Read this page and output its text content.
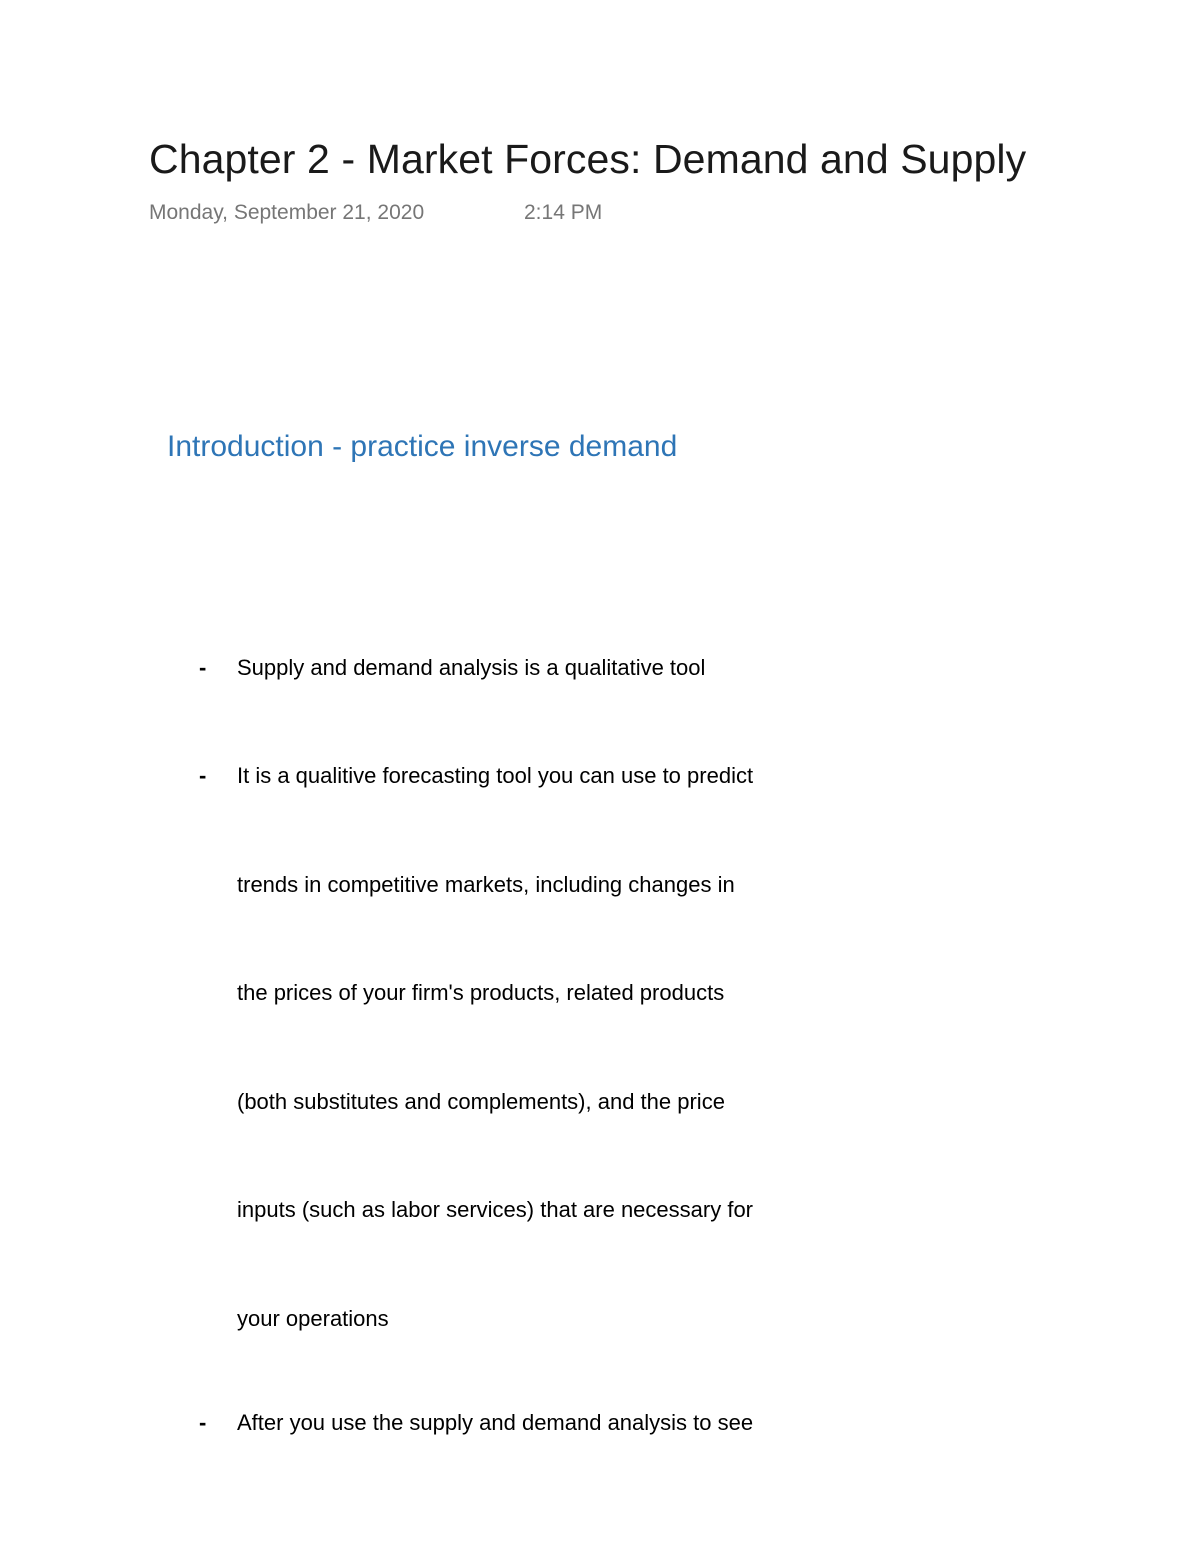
Chapter 2 - Market Forces: Demand and Supply
Monday, September 21, 2020	2:14 PM
Introduction - practice inverse demand
- Supply and demand analysis is a qualitative tool
- It is a qualitive forecasting tool you can use to predict
trends in competitive markets, including changes in
the prices of your firm's products, related products
(both substitutes and complements), and the price
inputs (such as labor services) that are necessary for
your operations
- After you use the supply and demand analysis to see
